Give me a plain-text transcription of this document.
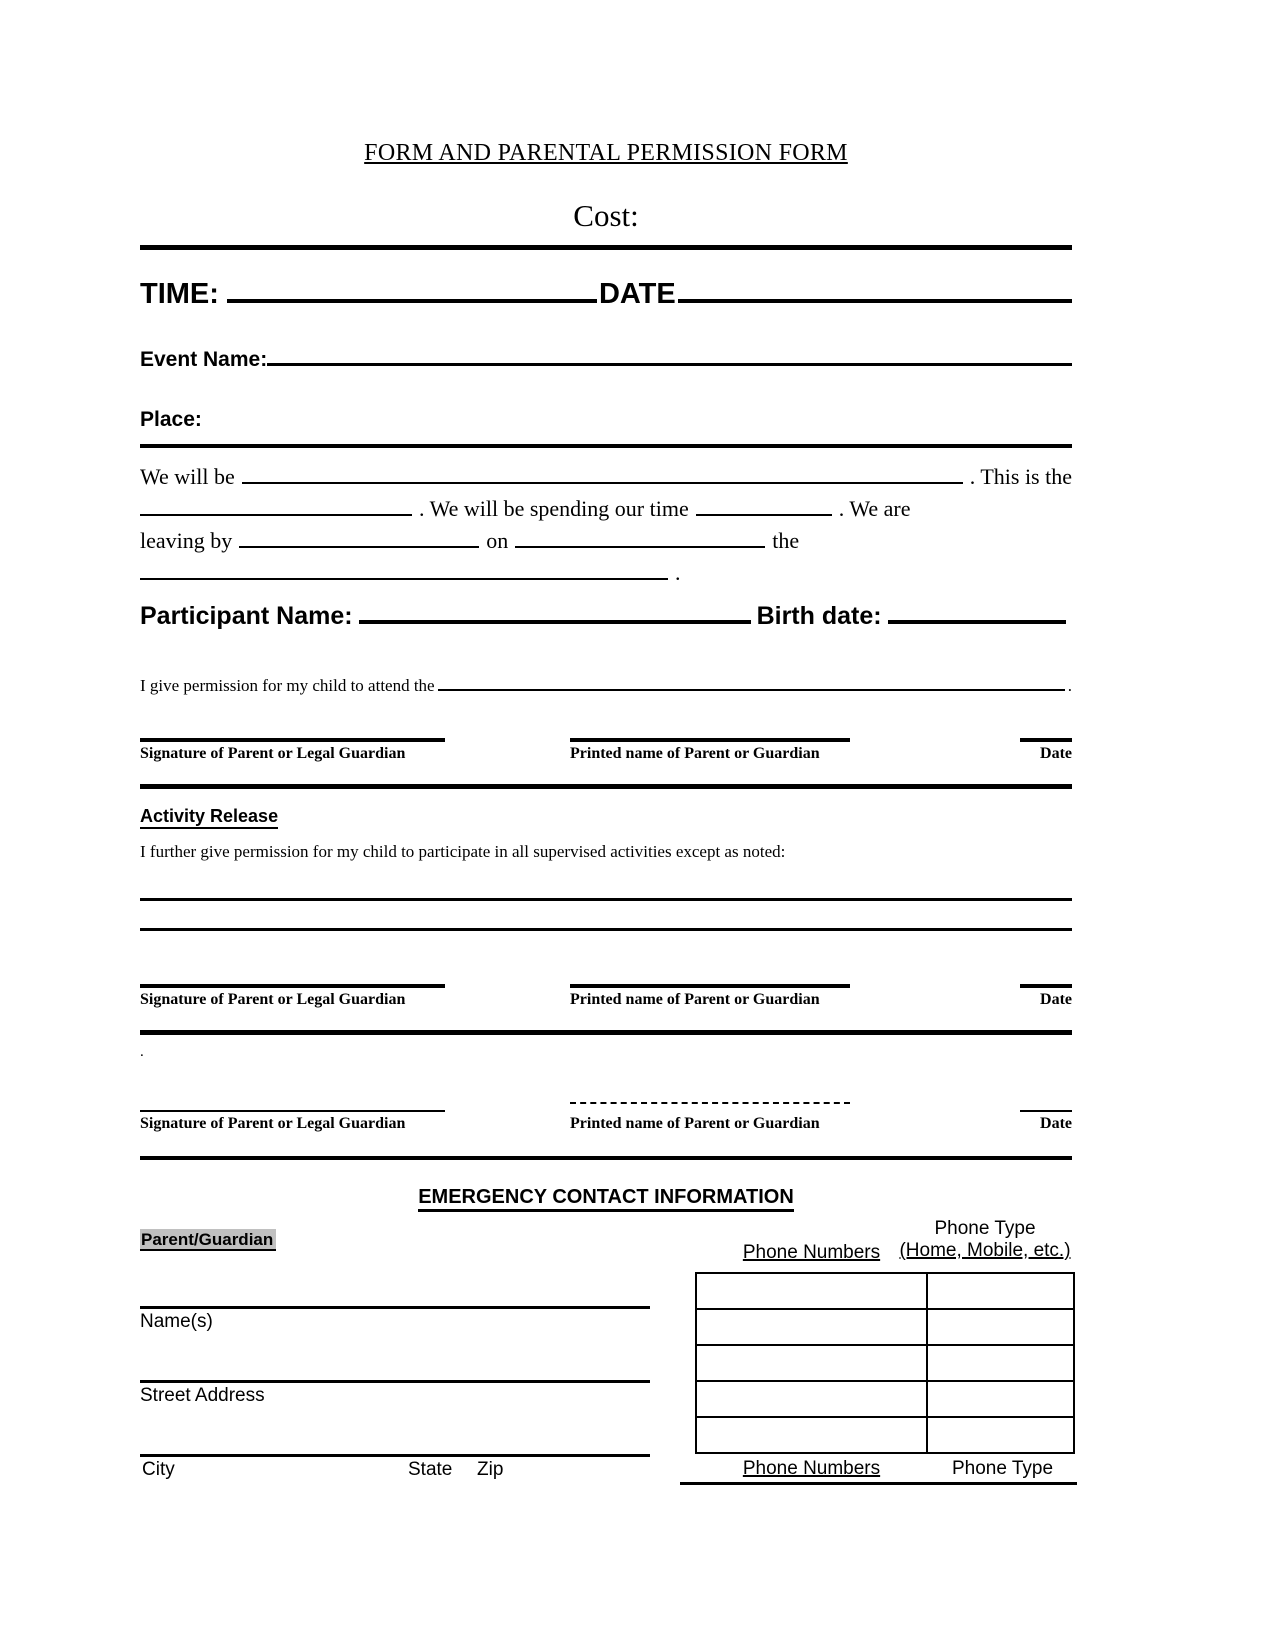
FORM AND PARENTAL PERMISSION FORM
Cost:
TIME:	DATE
Event Name:
Place:
We will be	. This is the
. We will be spending our time	. We are
leaving by	on	the
.
Participant Name:	Birth date:
I give permission for my child to attend the	.
Signature of Parent or Legal Guardian	Printed name of Parent or Guardian	Date
Activity Release
I further give permission for my child to participate in all supervised activities except as noted:
Signature of Parent or Legal Guardian	Printed name of Parent or Guardian	Date
.
Signature of Parent or Legal Guardian	Printed name of Parent or Guardian	Date
EMERGENCY CONTACT INFORMATION
Parent/Guardian
Phone Numbers
Phone Type
(Home, Mobile, etc.)

Name(s)
Street Address
City	State Zip	Phone Numbers	Phone Type
